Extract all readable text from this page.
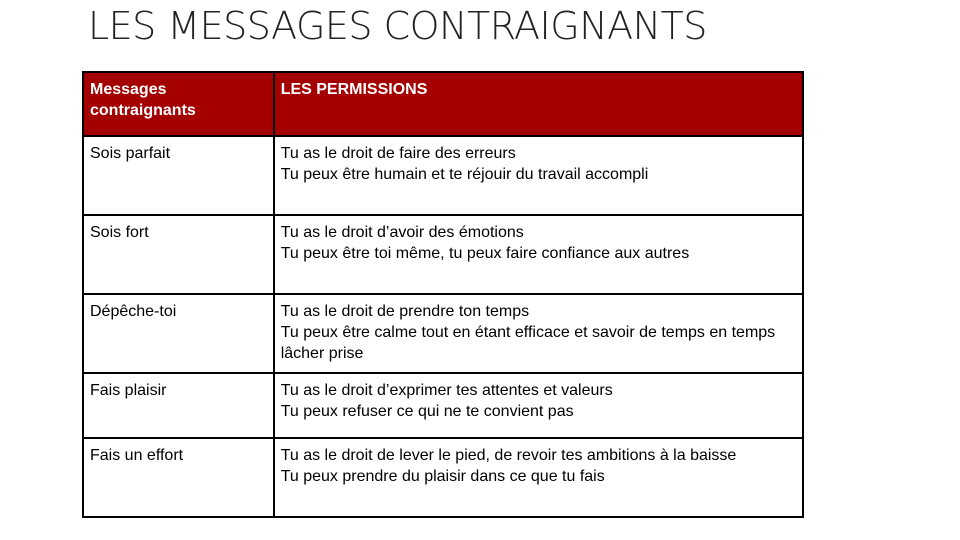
LES MESSAGES CONTRAIGNANTS
Messages contraignants	LES PERMISSIONS
Sois parfait	Tu as le droit de faire des erreurs
Tu peux être humain et te réjouir du travail accompli

Sois fort	Tu as le droit d’avoir des émotions
Tu peux être toi même, tu peux faire confiance aux autres

Dépêche-toi	Tu as le droit de prendre ton temps
Tu peux être calme tout en étant efficace et savoir de temps en temps lâcher prise

Fais plaisir	Tu as le droit d’exprimer tes attentes et valeurs
Tu peux refuser ce qui ne te convient pas

Fais un effort	Tu as le droit de lever le pied, de revoir tes ambitions à la baisse
Tu peux prendre du plaisir dans ce que tu fais
